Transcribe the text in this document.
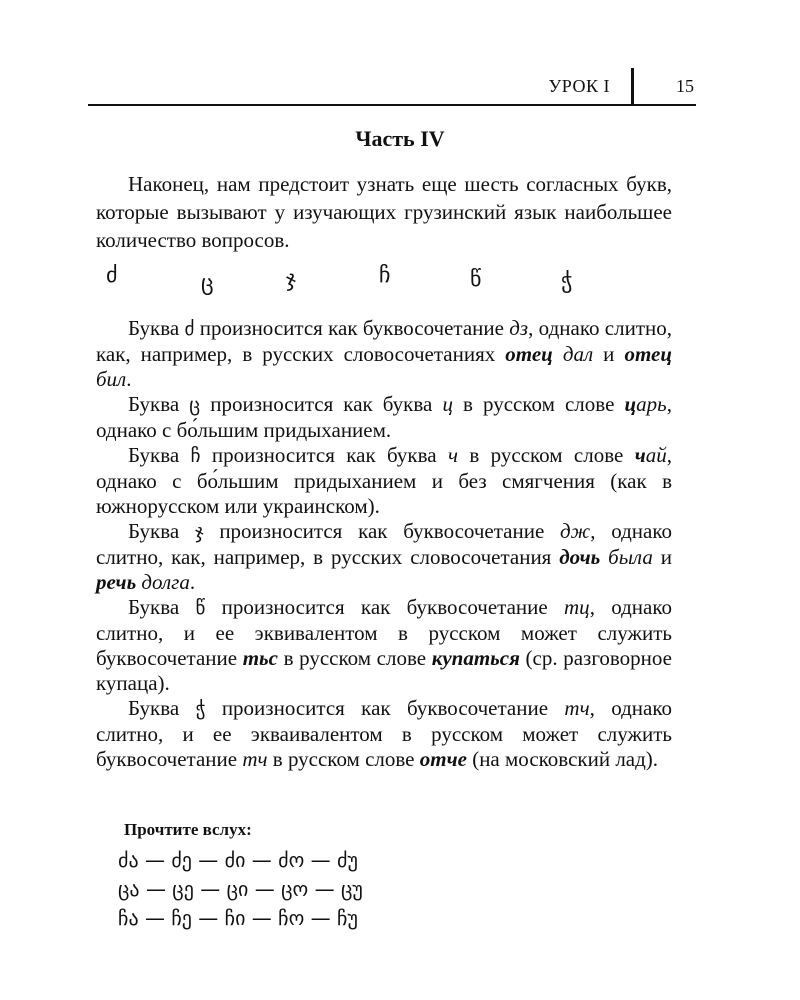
УРОК I	15
Часть IV

Наконец, нам предстоит узнать еще шесть согласных букв, которые вызывают у изучающих грузинский язык наибольшее количество вопросов.

ძ	ც	ჯ	ჩ	წ	ჭ

Буква ძ произносится как буквосочетание дз, однако слитно, как, например, в русских словосочетаниях отец дал и отец бил.

Буква ც произносится как буква ц в русском слове царь, однако с бо́льшим придыханием.

Буква ჩ произносится как буква ч в русском слове чай, однако с бо́льшим придыханием и без смягчения (как в южнорусском или украинском).

Буква ჯ произносится как буквосочетание дж, однако слитно, как, например, в русских словосочетания дочь была и речь долга.

Буква წ произносится как буквосочетание тц, однако слитно, и ее эквивалентом в русском может служить буквосочетание тьс в русском слове купаться (ср. разговорное купаца).

Буква ჭ произносится как буквосочетание тч, однако слитно, и ее экваивалентом в русском может служить буквосочетание тч в русском слове отче (на московский лад).

Прочтите вслух:
ძა — ძე — ძი — ძო — ძუ
ცა — ცე — ცი — ცო — ცუ
ჩა — ჩე — ჩი — ჩო — ჩუ
